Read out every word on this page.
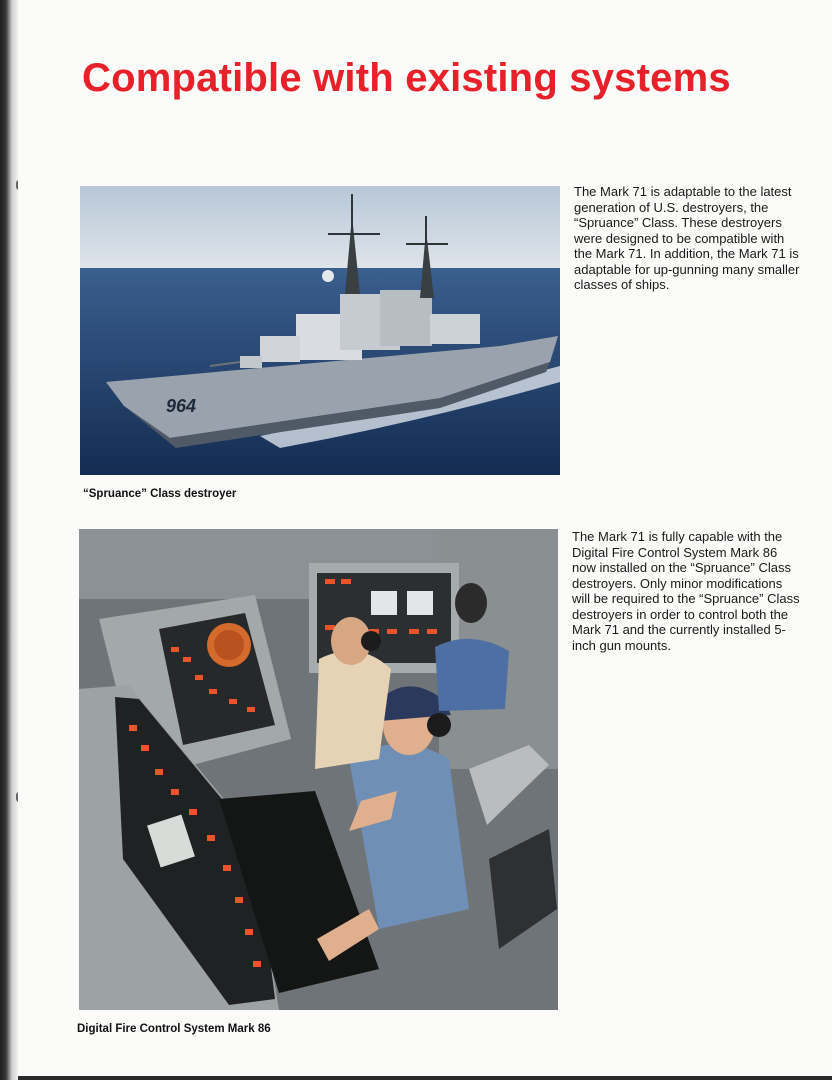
Compatible with existing systems
964
“Spruance” Class destroyer
The Mark 71 is adaptable to the latest generation of U.S. destroyers, the “Spruance” Class. These destroyers were designed to be compatible with the Mark 71. In addition, the Mark 71 is adaptable for up-gunning many smaller classes of ships.
Digital Fire Control System Mark 86
The Mark 71 is fully capable with the Digital Fire Control System Mark 86 now installed on the “Spruance” Class destroyers. Only minor modifications will be required to the “Spruance” Class destroyers in order to control both the Mark 71 and the currently installed 5-inch gun mounts.
